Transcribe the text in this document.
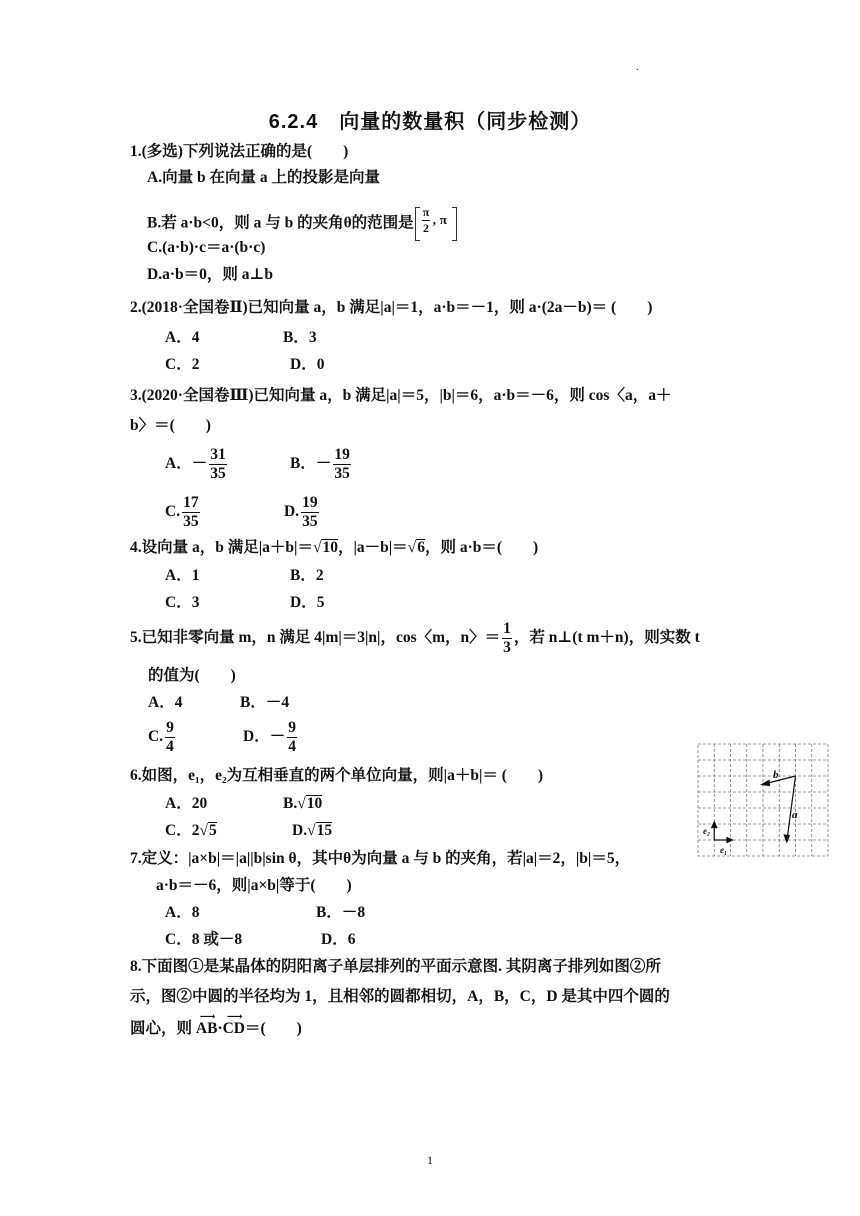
.
6.2.4　向量的数量积（同步检测）
1.(多选)下列说法正确的是(　　)
A.向量 b 在向量 a 上的投影是向量
B.若 a·b<0，则 a 与 b 的夹角θ的范围是 $\frac{\pi}{2}$ , π
C.(a·b)·c＝a·(b·c)
D.a·b＝0，则 a⊥b
2.(2018·全国卷Ⅱ)已知向量 a，b 满足|a|＝1，a·b＝－1，则 a·(2a－b)＝ (　　)
A．4	B．3
C．2	D．0
3.(2020·全国卷Ⅲ)已知向量 a，b 满足|a|＝5，|b|＝6，a·b＝－6，则 cos〈a，a＋
b〉＝(　　)
A．－ $\frac{31}{35}$	B．－ $\frac{19}{35}$
C. $\frac{17}{35}$	D. $\frac{19}{35}$
4.设向量 a，b 满足|a＋b|＝√10，|a－b|＝√6，则 a·b＝(　　)
A．1	B．2
C．3	D．5
5.已知非零向量 m，n 满足 4|m|＝3|n|，cos〈m，n〉＝ $\frac{1}{3}$ ，若 n⊥(t m＋n)，则实数 t
的值为(　　)
A．4	B．－4
C. $\frac{9}{4}$	D．－ $\frac{9}{4}$
6.如图，e₁，e₂为互相垂直的两个单位向量，则|a＋b|＝ (　　)
A．20	B.√10
C．2√5	D.√15
b
a
e₁
e₂
7.定义：|a×b|＝|a||b|sin θ，其中θ为向量 a 与 b 的夹角，若|a|＝2，|b|＝5，
a·b＝－6，则|a×b|等于(　　)
A．8	B．－8
C．8 或－8	D．6
8.下面图①是某晶体的阴阳离子单层排列的平面示意图. 其阴离子排列如图②所
示，图②中圆的半径均为 1，且相邻的圆都相切，A，B，C，D 是其中四个圆的
圆心，则
⟶
AB·
⟶
CD＝(　　)
1
